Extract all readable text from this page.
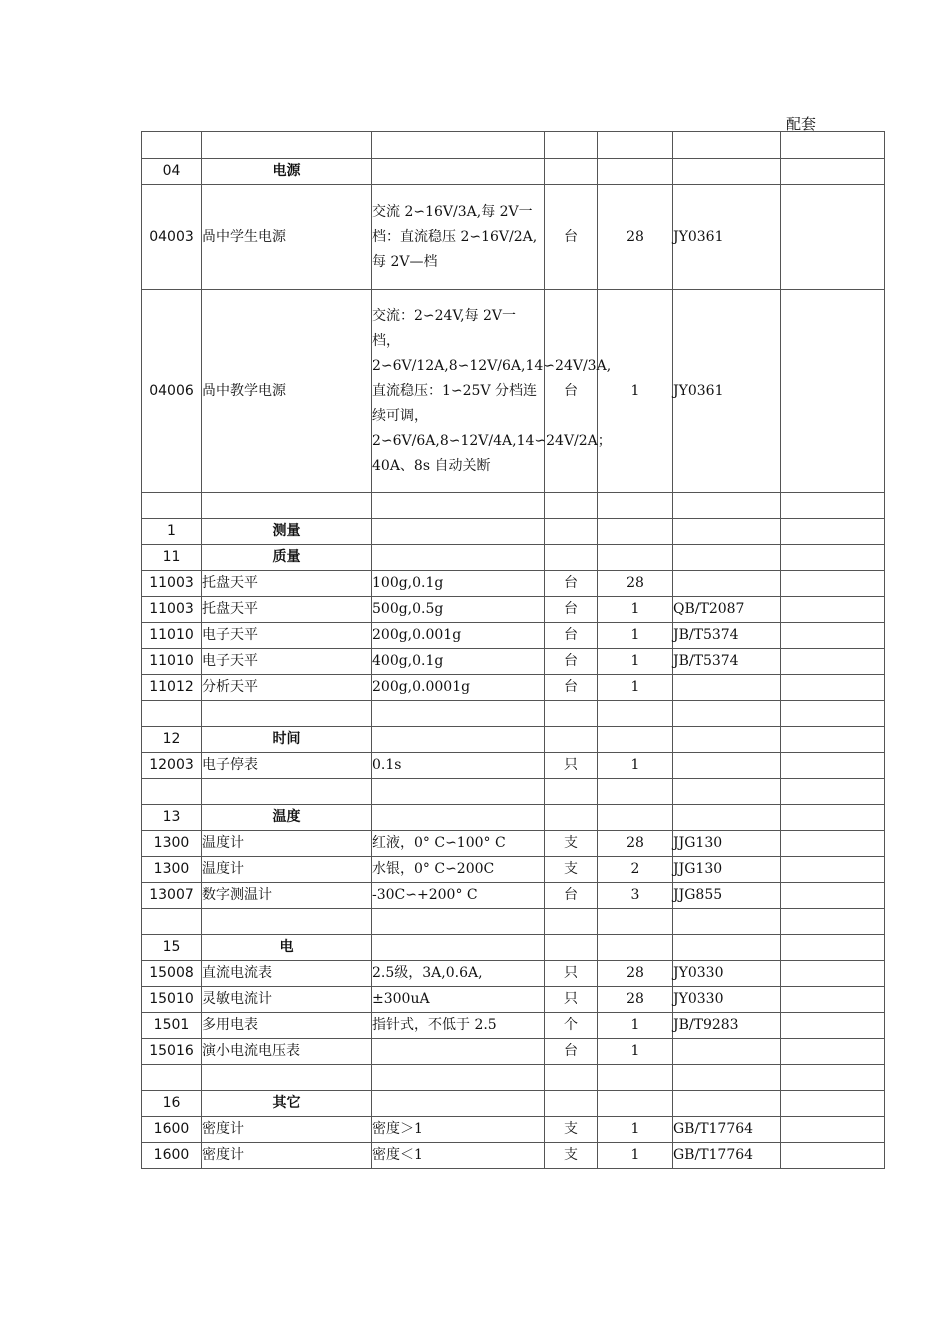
配套

04	电源					
04003	咼中学生电源	交流 2∽16V/3A,每 2V一档：直流稳压 2∽16V/2A,每 2V—档	台	28	JY0361	
04006	咼中教学电源	交流：2∽24V,每 2V一档，2∽6V/12A,8∽12V/6A,14∽24V/3A,直流稳压：1∽25V 分档连续可调，2∽6V/6A,8∽12V/4A,14∽24V/2A；40A、8s 自动关断	台	1	JY0361	

1	测量					
11	质量					
11003	托盘天平	100g,0.1g	台	28		
11003	托盘天平	500g,0.5g	台	1	QB/T2087	
11010	电子天平	200g,0.001g	台	1	JB/T5374	
11010	电子天平	400g,0.1g	台	1	JB/T5374	
11012	分析天平	200g,0.0001g	台	1		

12	时间					
12003	电子停表	0.1s	只	1		

13	温度					
1300	温度计	红液，0° C∽100° C	支	28	JJG130	
1300	温度计	水银，0° C∽200C	支	2	JJG130	
13007	数字测温计	-30C∽+200° C	台	3	JJG855	

15	电					
15008	直流电流表	2.5级，3A,0.6A,	只	28	JY0330	
15010	灵敏电流计	±300uA	只	28	JY0330	
1501	多用电表	指针式，不低于 2.5	个	1	JB/T9283	
15016	演小电流电压表		台	1		

16	其它					
1600	密度计	密度＞1	支	1	GB/T17764	
1600	密度计	密度＜1	支	1	GB/T17764	
